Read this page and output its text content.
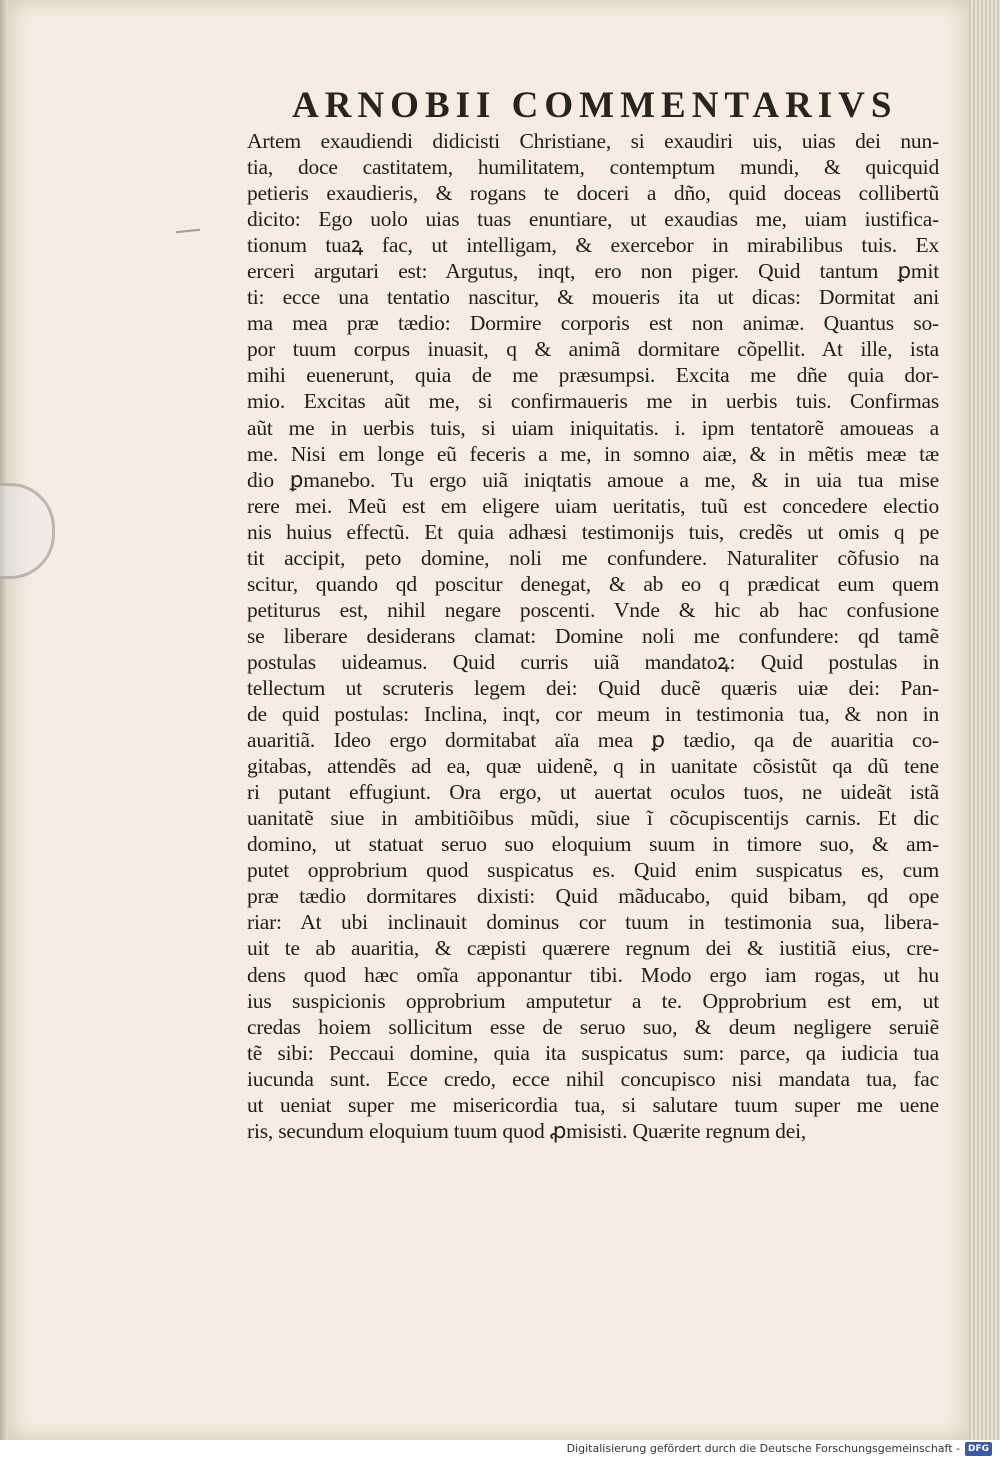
ARNOBII COMMENTARIVS
Artem exaudiendi didicisti Christiane, si exaudiri uis, uias dei nun-
tia, doce castitatem, humilitatem, contemptum mundi, & quicquid
petieris exaudieris, & rogans te doceri a dño, quid doceas collibertũ
dicito: Ego uolo uias tuas enuntiare, ut exaudias me, uiam iustifica-
tionum tuaꝝ fac, ut intelligam, & exercebor in mirabilibus tuis. Ex
erceri argutari est: Argutus, inqt, ero non piger. Quid tantum ꝑmit
ti: ecce una tentatio nascitur, & moueris ita ut dicas: Dormitat ani
ma mea præ tædio: Dormire corporis est non animæ. Quantus so-
por tuum corpus inuasit, q & animã dormitare cõpellit. At ille, ista
mihi euenerunt, quia de me præsumpsi. Excita me dñe quia dor-
mio. Excitas aũt me, si confirmaueris me in uerbis tuis. Confirmas
aũt me in uerbis tuis, si uiam iniquitatis. i. ipm tentatorẽ amoueas a
me. Nisi em longe eũ feceris a me, in somno aiæ, & in mẽtis meæ tæ
dio ꝑmanebo. Tu ergo uiã iniqtatis amoue a me, & in uia tua mise
rere mei. Meũ est em eligere uiam ueritatis, tuũ est concedere electio
nis huius effectũ. Et quia adhæsi testimonijs tuis, credẽs ut omis q pe
tit accipit, peto domine, noli me confundere. Naturaliter cõfusio na
scitur, quando qd poscitur denegat, & ab eo q prædicat eum quem
petiturus est, nihil negare poscenti. Vnde & hic ab hac confusione
se liberare desiderans clamat: Domine noli me confundere: qd tamẽ
postulas uideamus. Quid curris uiã mandatoꝝ: Quid postulas in
tellectum ut scruteris legem dei: Quid ducẽ quæris uiæ dei: Pan-
de quid postulas: Inclina, inqt, cor meum in testimonia tua, & non in
auaritiã. Ideo ergo dormitabat aïa mea ꝑ tædio, qa de auaritia co-
gitabas, attendẽs ad ea, quæ uidenẽ, q in uanitate cõsistũt qa dũ tene
ri putant effugiunt. Ora ergo, ut auertat oculos tuos, ne uideãt istã
uanitatẽ siue in ambitiõibus mũdi, siue ĩ cõcupiscentijs carnis. Et dic
domino, ut statuat seruo suo eloquium suum in timore suo, & am-
putet opprobrium quod suspicatus es. Quid enim suspicatus es, cum
præ tædio dormitares dixisti: Quid mãducabo, quid bibam, qd ope
riar: At ubi inclinauit dominus cor tuum in testimonia sua, libera-
uit te ab auaritia, & cæpisti quærere regnum dei & iustitiã eius, cre-
dens quod hæc omĩa apponantur tibi. Modo ergo iam rogas, ut hu
ius suspicionis opprobrium amputetur a te. Opprobrium est em, ut
credas hoiem sollicitum esse de seruo suo, & deum negligere seruiẽ
tẽ sibi: Peccaui domine, quia ita suspicatus sum: parce, qa iudicia tua
iucunda sunt. Ecce credo, ecce nihil concupisco nisi mandata tua, fac
ut ueniat super me misericordia tua, si salutare tuum super me uene
ris, secundum eloquium tuum quod ꝓmisisti. Quærite regnum dei,
Digitalisierung gefördert durch die Deutsche Forschungsgemeinschaft - DFG
